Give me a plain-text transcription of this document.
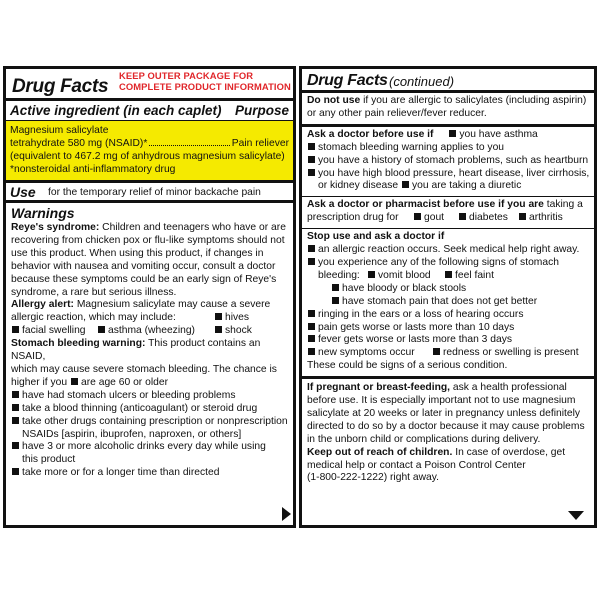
Drug Facts
KEEP OUTER PACKAGE FOR
COMPLETE PRODUCT INFORMATION
Active ingredient (in each caplet) Purpose
Magnesium salicylate
tetrahydrate 580 mg (NSAID)*	Pain reliever
(equivalent to 467.2 mg of anhydrous magnesium salicylate)
*nonsteroidal anti-inflammatory drug
Use for the temporary relief of minor backache pain
Warnings
Reye's syndrome: Children and teenagers who have or are
recovering from chicken pox or flu-like symptoms should not
use this product. When using this product, if changes in
behavior with nausea and vomiting occur, consult a doctor
because these symptoms could be an early sign of Reye's
syndrome, a rare but serious illness.
Allergy alert: Magnesium salicylate may cause a severe
allergic reaction, which may include:	hives
facial swelling	asthma (wheezing)	shock
Stomach bleeding warning: This product contains an NSAID,
which may cause severe stomach bleeding. The chance is
higher if you are age 60 or older
have had stomach ulcers or bleeding problems
take a blood thinning (anticoagulant) or steroid drug
take other drugs containing prescription or nonprescription NSAIDs [aspirin, ibuprofen, naproxen, or others]
have 3 or more alcoholic drinks every day while using this product
take more or for a longer time than directed
Drug Facts (continued)
Do not use if you are allergic to salicylates (including aspirin)
or any other pain reliever/fever reducer.
Ask a doctor before use if	you have asthma
stomach bleeding warning applies to you
you have a history of stomach problems, such as heartburn
you have high blood pressure, heart disease, liver cirrhosis,
or kidney disease you are taking a diuretic
Ask a doctor or pharmacist before use if you are taking a
prescription drug for	gout	diabetes	arthritis
Stop use and ask a doctor if
an allergic reaction occurs. Seek medical help right away.
you experience any of the following signs of stomach
bleeding:	vomit blood	feel faint
have bloody or black stools
have stomach pain that does not get better
ringing in the ears or a loss of hearing occurs
pain gets worse or lasts more than 10 days
fever gets worse or lasts more than 3 days
new symptoms occur	redness or swelling is present
These could be signs of a serious condition.
If pregnant or breast-feeding, ask a health professional
before use. It is especially important not to use magnesium
salicylate at 20 weeks or later in pregnancy unless definitely
directed to do so by a doctor because it may cause problems
in the unborn child or complications during delivery.
Keep out of reach of children. In case of overdose, get
medical help or contact a Poison Control Center
(1-800-222-1222) right away.
